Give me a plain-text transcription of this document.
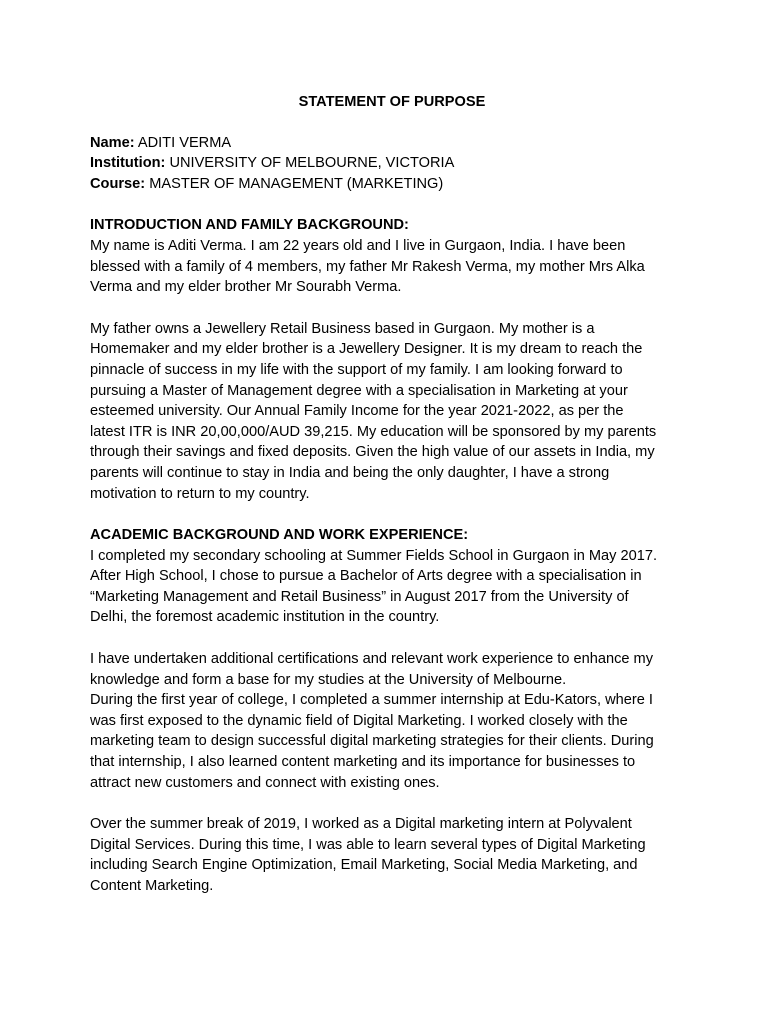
STATEMENT OF PURPOSE
Name: ADITI VERMA
Institution: UNIVERSITY OF MELBOURNE, VICTORIA
Course: MASTER OF MANAGEMENT (MARKETING)
INTRODUCTION AND FAMILY BACKGROUND:
My name is Aditi Verma. I am 22 years old and I live in Gurgaon, India. I have been
blessed with a family of 4 members, my father Mr Rakesh Verma, my mother Mrs Alka
Verma and my elder brother Mr Sourabh Verma.
My father owns a Jewellery Retail Business based in Gurgaon. My mother is a
Homemaker and my elder brother is a Jewellery Designer. It is my dream to reach the
pinnacle of success in my life with the support of my family. I am looking forward to
pursuing a Master of Management degree with a specialisation in Marketing at your
esteemed university. Our Annual Family Income for the year 2021-2022, as per the
latest ITR is INR 20,00,000/AUD 39,215. My education will be sponsored by my parents
through their savings and fixed deposits. Given the high value of our assets in India, my
parents will continue to stay in India and being the only daughter, I have a strong
motivation to return to my country.
ACADEMIC BACKGROUND AND WORK EXPERIENCE:
I completed my secondary schooling at Summer Fields School in Gurgaon in May 2017.
After High School, I chose to pursue a Bachelor of Arts degree with a specialisation in
“Marketing Management and Retail Business” in August 2017 from the University of
Delhi, the foremost academic institution in the country.
I have undertaken additional certifications and relevant work experience to enhance my
knowledge and form a base for my studies at the University of Melbourne.
During the first year of college, I completed a summer internship at Edu-Kators, where I
was first exposed to the dynamic field of Digital Marketing. I worked closely with the
marketing team to design successful digital marketing strategies for their clients. During
that internship, I also learned content marketing and its importance for businesses to
attract new customers and connect with existing ones.
Over the summer break of 2019, I worked as a Digital marketing intern at Polyvalent
Digital Services. During this time, I was able to learn several types of Digital Marketing
including Search Engine Optimization, Email Marketing, Social Media Marketing, and
Content Marketing.
